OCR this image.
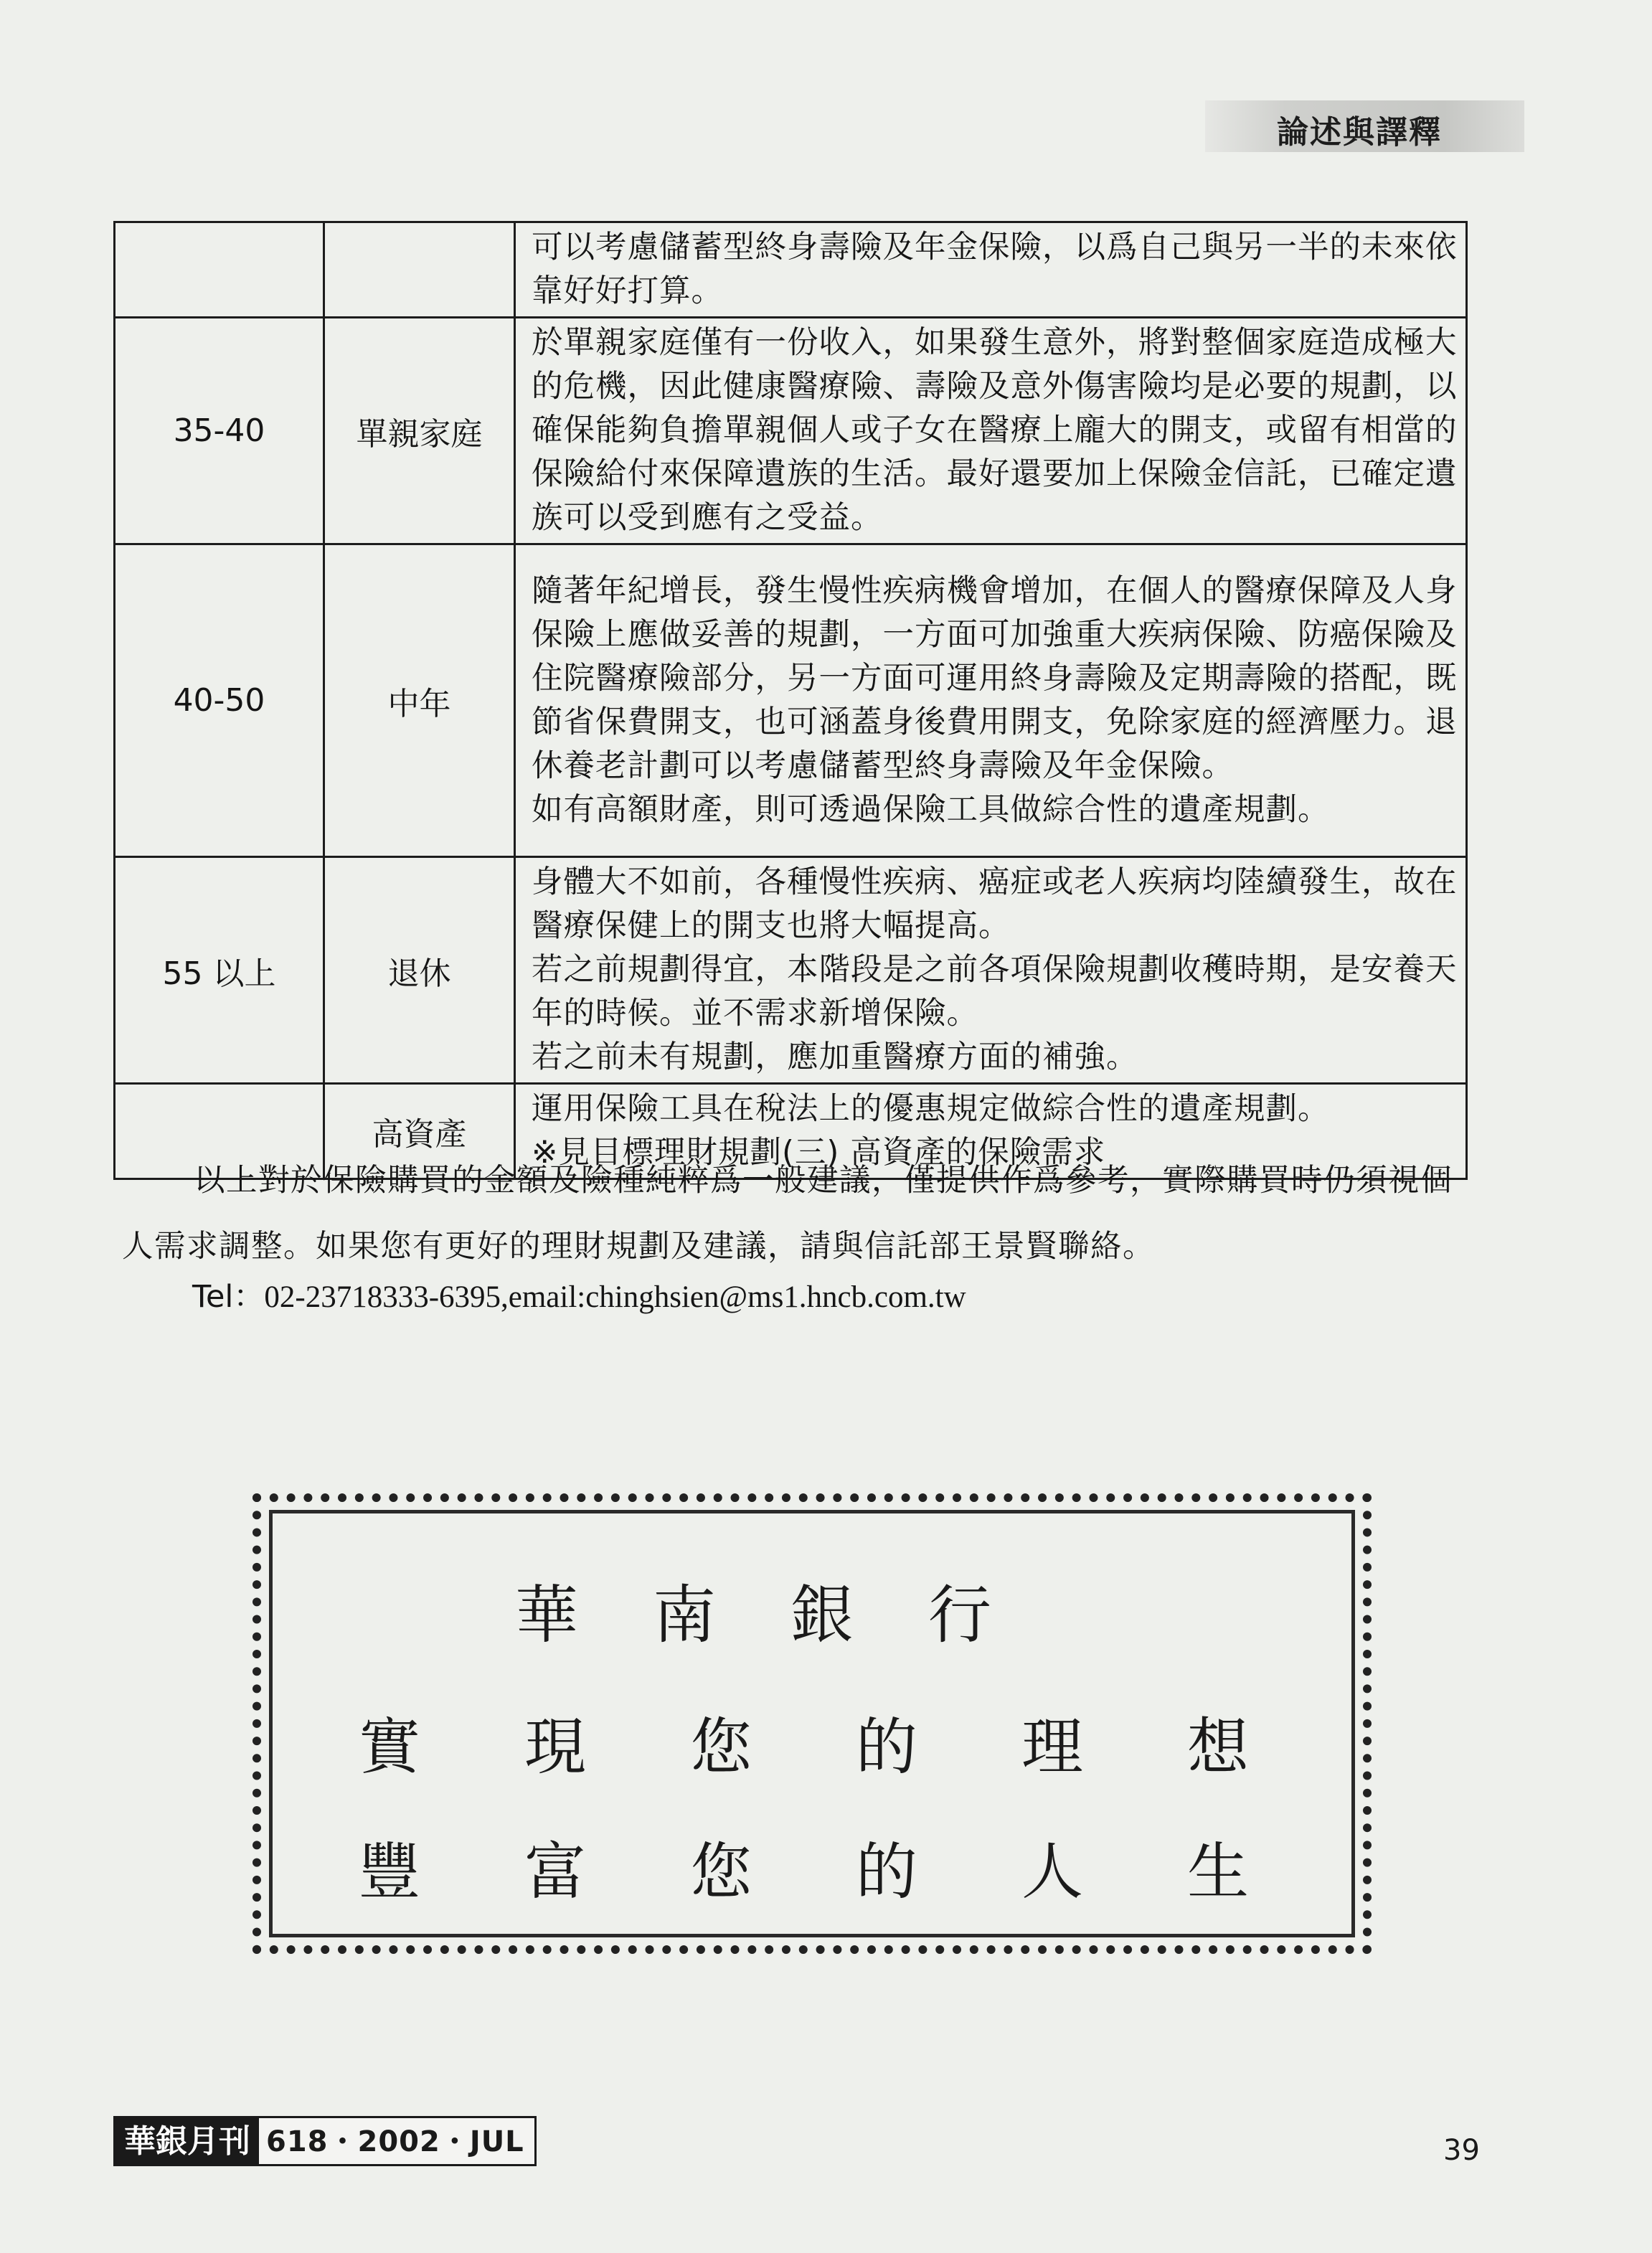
論述與譯釋

		可以考慮儲蓄型終身壽險及年金保險，以爲自己與另一半的未來依靠好好打算。

35-40	單親家庭	於單親家庭僅有一份收入，如果發生意外，將對整個家庭造成極大的危機，因此健康醫療險、壽險及意外傷害險均是必要的規劃，以確保能夠負擔單親個人或子女在醫療上龐大的開支，或留有相當的保險給付來保障遺族的生活。最好還要加上保險金信託，已確定遺族可以受到應有之受益。

40-50	中年	隨著年紀增長，發生慢性疾病機會增加，在個人的醫療保障及人身保險上應做妥善的規劃，一方面可加強重大疾病保險、防癌保險及住院醫療險部分，另一方面可運用終身壽險及定期壽險的搭配，既節省保費開支，也可涵蓋身後費用開支，免除家庭的經濟壓力。退休養老計劃可以考慮儲蓄型終身壽險及年金保險。
如有高額財產，則可透過保險工具做綜合性的遺產規劃。

55 以上	退休	身體大不如前，各種慢性疾病、癌症或老人疾病均陸續發生，故在醫療保健上的開支也將大幅提高。
若之前規劃得宜，本階段是之前各項保險規劃收穫時期，是安養天年的時候。並不需求新增保險。
若之前未有規劃，應加重醫療方面的補強。

	高資產	運用保險工具在稅法上的優惠規定做綜合性的遺產規劃。
※見目標理財規劃(三) 高資產的保險需求
以上對於保險購買的金額及險種純粹爲一般建議，僅提供作爲參考，實際購買時仍須視個人需求調整。如果您有更好的理財規劃及建議，請與信託部王景賢聯絡。
Tel：02-23718333-6395,email:chinghsien@ms1.hncb.com.tw
華南銀行
實現您的理想
豐富您的人生
華銀月刊 618・2002・JUL	39
